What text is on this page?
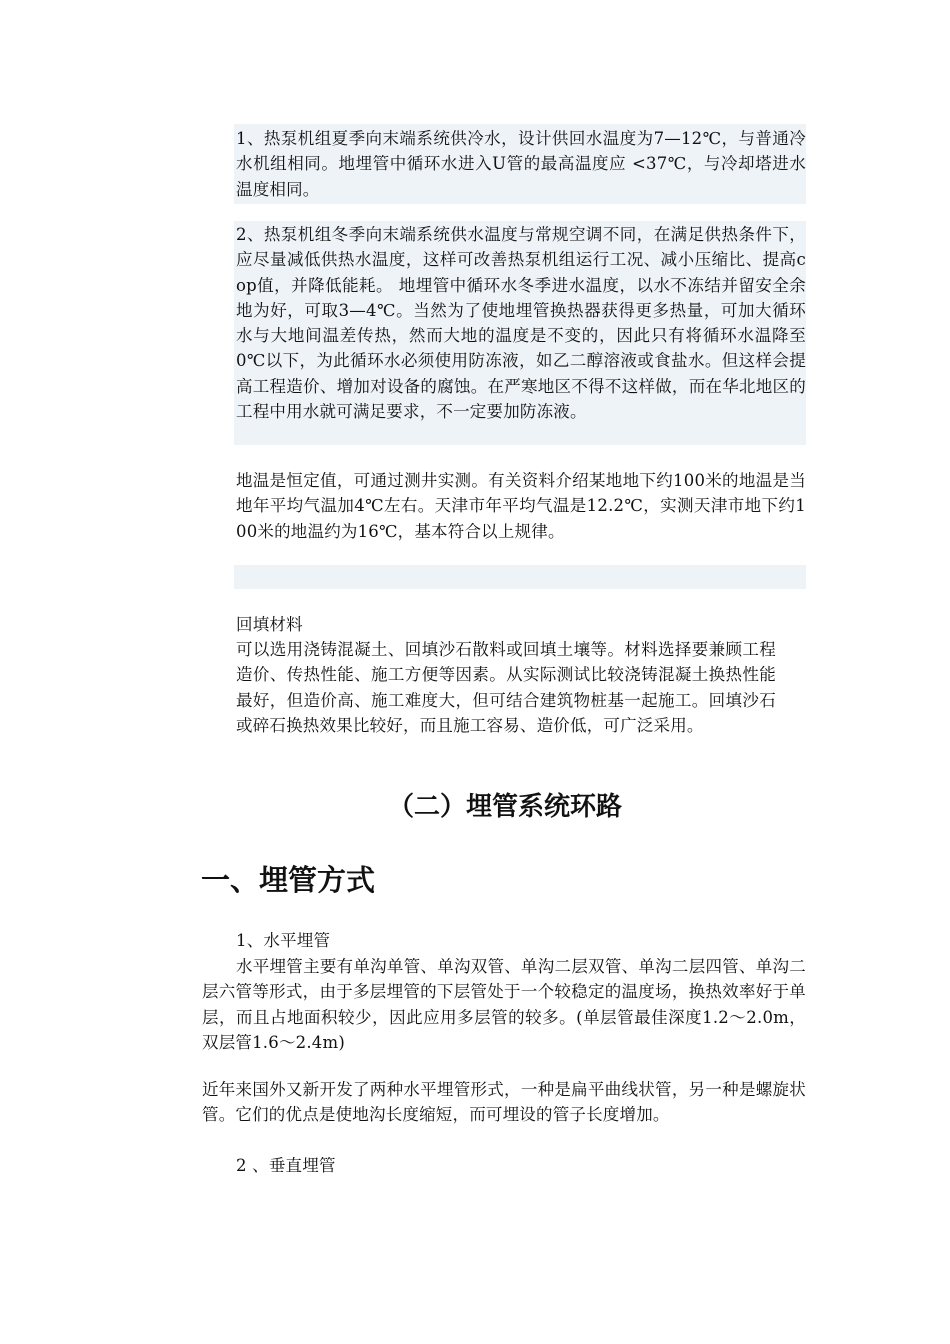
1、热泵机组夏季向末端系统供冷水，设计供回水温度为7—12℃，与普通冷水机组相同。地埋管中循环水进入U管的最高温度应 <37℃，与冷却塔进水温度相同。

2、热泵机组冬季向末端系统供水温度与常规空调不同，在满足供热条件下，应尽量减低供热水温度，这样可改善热泵机组运行工况、减小压缩比、提高cop值，并降低能耗。 地埋管中循环水冬季进水温度，以水不冻结并留安全余地为好，可取3—4℃。当然为了使地埋管换热器获得更多热量，可加大循环水与大地间温差传热，然而大地的温度是不变的，因此只有将循环水温降至0℃以下，为此循环水必须使用防冻液，如乙二醇溶液或食盐水。但这样会提高工程造价、增加对设备的腐蚀。在严寒地区不得不这样做，而在华北地区的工程中用水就可满足要求，不一定要加防冻液。

地温是恒定值，可通过测井实测。有关资料介绍某地地下约100米的地温是当地年平均气温加4℃左右。天津市年平均气温是12.2℃，实测天津市地下约100米的地温约为16℃，基本符合以上规律。

回填材料

可以选用浇铸混凝土、回填沙石散料或回填土壤等。材料选择要兼顾工程造价、传热性能、施工方便等因素。从实际测试比较浇铸混凝土换热性能最好，但造价高、施工难度大，但可结合建筑物桩基一起施工。回填沙石或碎石换热效果比较好，而且施工容易、造价低，可广泛采用。

（二）埋管系统环路
一、埋管方式

1、水平埋管

水平埋管主要有单沟单管、单沟双管、单沟二层双管、单沟二层四管、单沟二层六管等形式，由于多层埋管的下层管处于一个较稳定的温度场，换热效率好于单层，而且占地面积较少，因此应用多层管的较多。(单层管最佳深度1.2～2.0m，双层管1.6～2.4m)

近年来国外又新开发了两种水平埋管形式，一种是扁平曲线状管，另一种是螺旋状管。它们的优点是使地沟长度缩短，而可埋设的管子长度增加。

2 、垂直埋管
